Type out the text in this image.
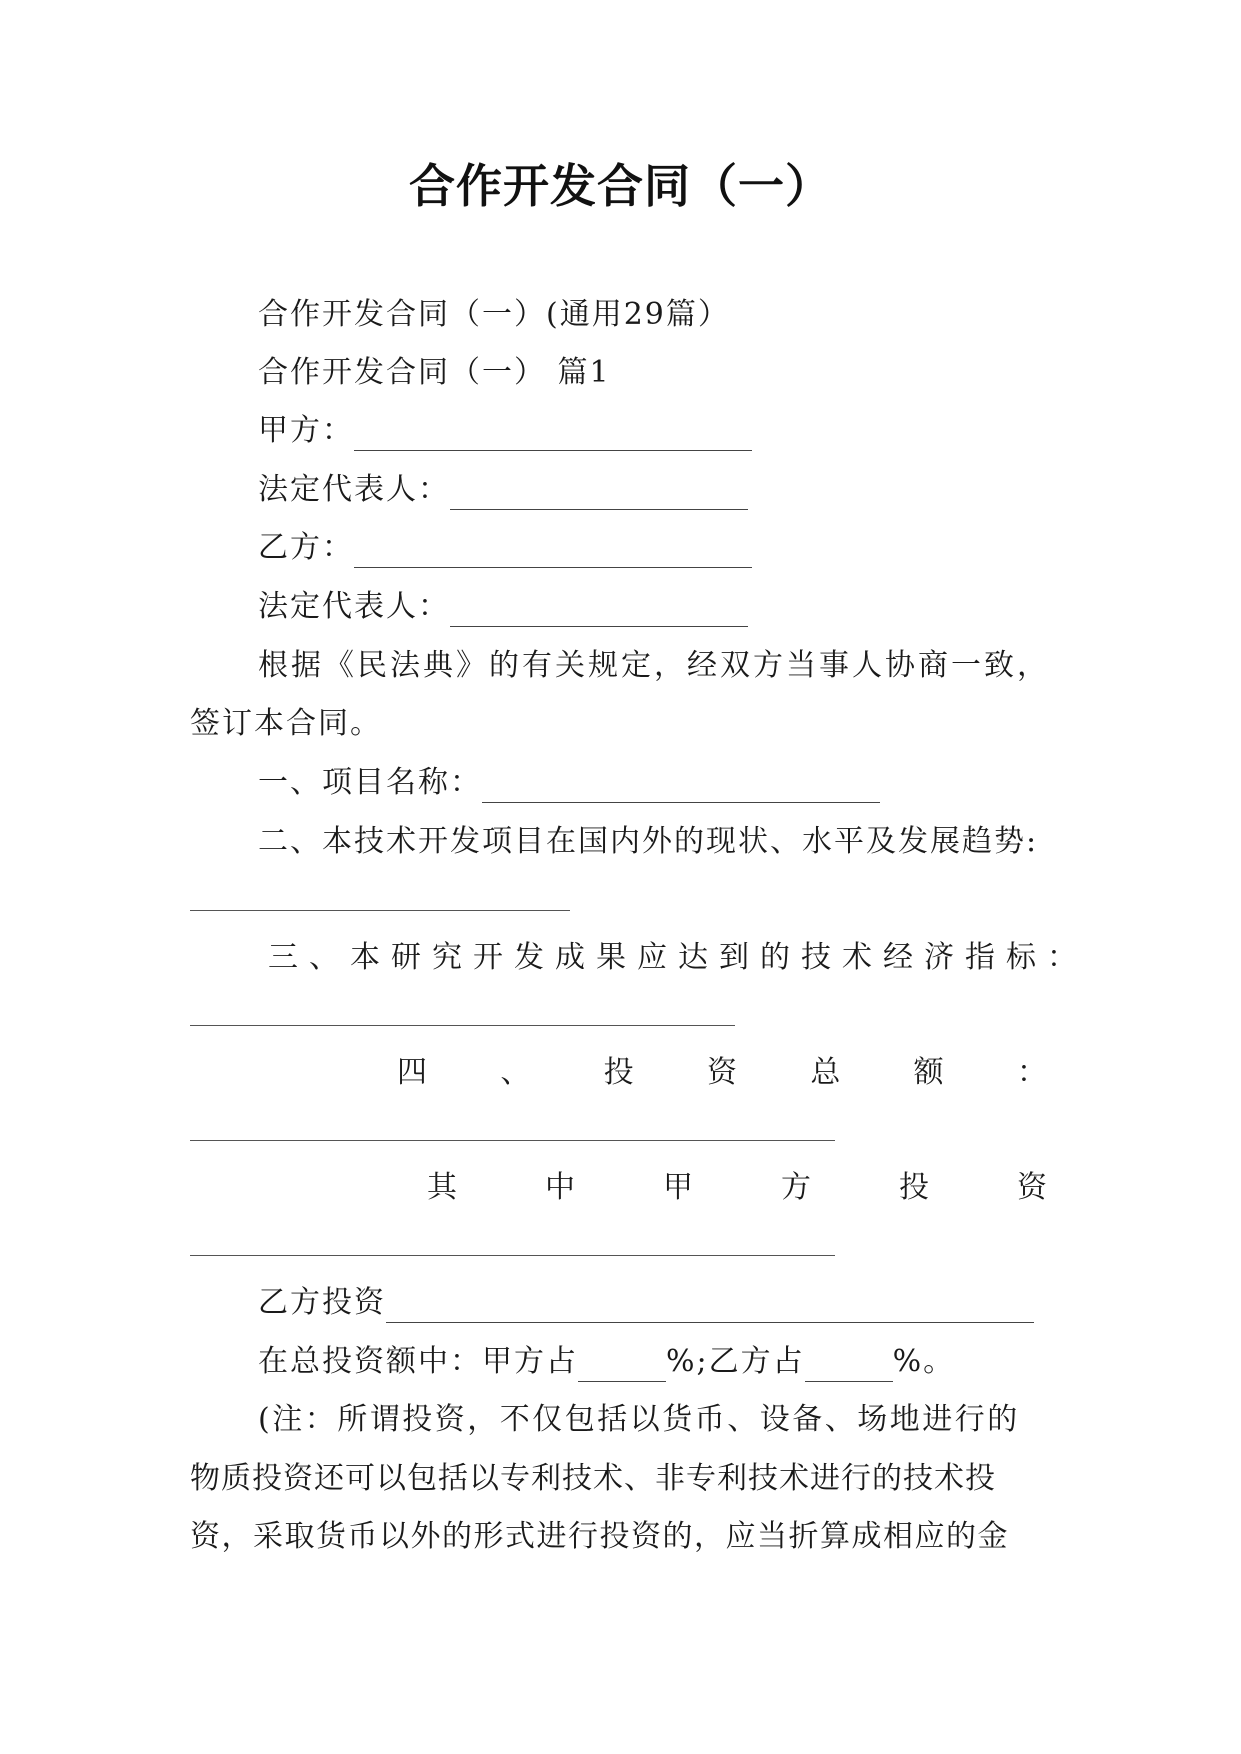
合作开发合同（一）
合作开发合同（一）(通用29篇）
合作开发合同（一） 篇1
甲方：
法定代表人：
乙方：
法定代表人：
根据《民法典》的有关规定，经双方当事人协商一致，
签订本合同。
一、项目名称：
二、本技术开发项目在国内外的现状、水平及发展趋势:
三、本研究开发成果应达到的技术经济指标：
四 、 投 资 总 额 ：
其	中	甲	方	投	资
乙方投资
在总投资额中：甲方占	%;乙方占	%。
(注：所谓投资，不仅包括以货币、设备、场地进行的
物质投资还可以包括以专利技术、非专利技术进行的技术投
资，采取货币以外的形式进行投资的，应当折算成相应的金
